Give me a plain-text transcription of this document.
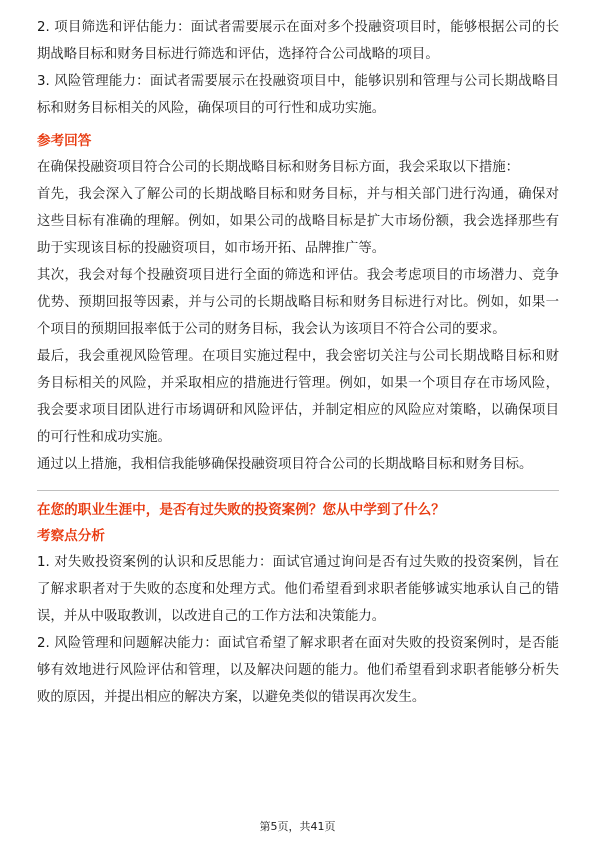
2. 项目筛选和评估能力：面试者需要展示在面对多个投融资项目时，能够根据公司的长期战略目标和财务目标进行筛选和评估，选择符合公司战略的项目。

3. 风险管理能力：面试者需要展示在投融资项目中，能够识别和管理与公司长期战略目标和财务目标相关的风险，确保项目的可行性和成功实施。

参考回答

在确保投融资项目符合公司的长期战略目标和财务目标方面，我会采取以下措施：

首先，我会深入了解公司的长期战略目标和财务目标，并与相关部门进行沟通，确保对这些目标有准确的理解。例如，如果公司的战略目标是扩大市场份额，我会选择那些有助于实现该目标的投融资项目，如市场开拓、品牌推广等。

其次，我会对每个投融资项目进行全面的筛选和评估。我会考虑项目的市场潜力、竞争优势、预期回报等因素，并与公司的长期战略目标和财务目标进行对比。例如，如果一个项目的预期回报率低于公司的财务目标，我会认为该项目不符合公司的要求。

最后，我会重视风险管理。在项目实施过程中，我会密切关注与公司长期战略目标和财务目标相关的风险，并采取相应的措施进行管理。例如，如果一个项目存在市场风险，我会要求项目团队进行市场调研和风险评估，并制定相应的风险应对策略，以确保项目的可行性和成功实施。

通过以上措施，我相信我能够确保投融资项目符合公司的长期战略目标和财务目标。

在您的职业生涯中，是否有过失败的投资案例？您从中学到了什么？
考察点分析

1. 对失败投资案例的认识和反思能力：面试官通过询问是否有过失败的投资案例，旨在了解求职者对于失败的态度和处理方式。他们希望看到求职者能够诚实地承认自己的错误，并从中吸取教训，以改进自己的工作方法和决策能力。

2. 风险管理和问题解决能力：面试官希望了解求职者在面对失败的投资案例时，是否能够有效地进行风险评估和管理，以及解决问题的能力。他们希望看到求职者能够分析失败的原因，并提出相应的解决方案，以避免类似的错误再次发生。

第5页，共41页
